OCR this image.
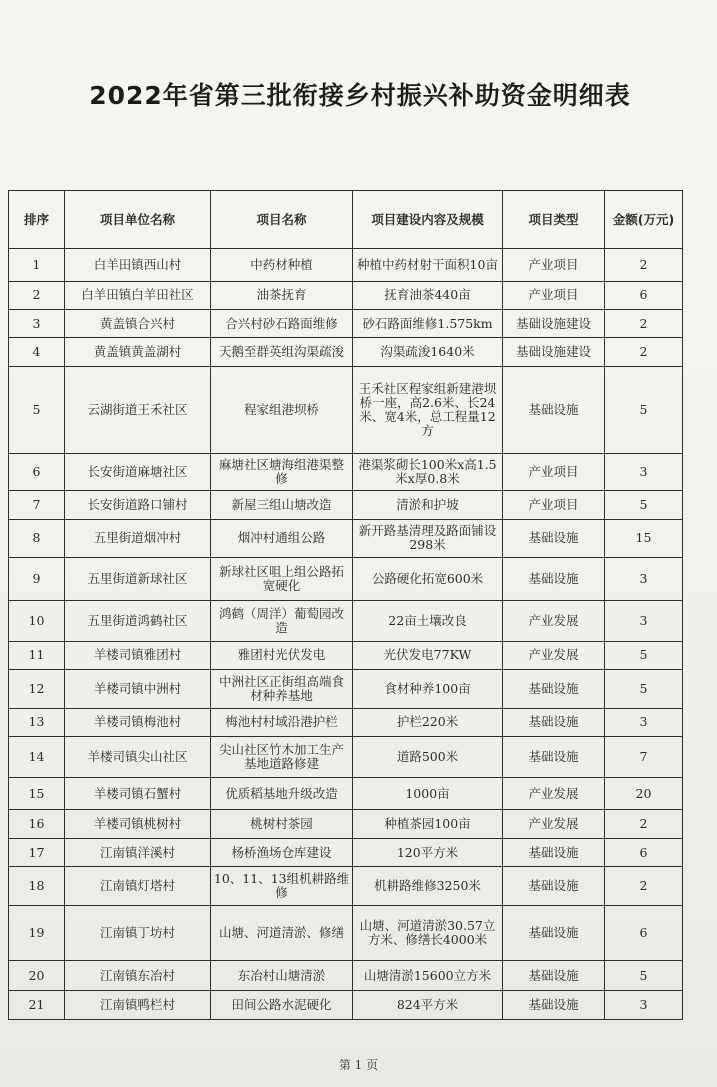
2022年省第三批衔接乡村振兴补助资金明细表
排序	项目单位名称	项目名称	项目建设内容及规模	项目类型	金额(万元)
1	白羊田镇西山村	中药材种植	种植中药材射干面积10亩	产业项目	2
2	白羊田镇白羊田社区	油茶抚育	抚育油茶440亩	产业项目	6
3	黄盖镇合兴村	合兴村砂石路面维修	砂石路面维修1.575km	基础设施建设	2
4	黄盖镇黄盖湖村	天鹅至群英组沟渠疏浚	沟渠疏浚1640米	基础设施建设	2
5	云湖街道王禾社区	程家组港坝桥	王禾社区程家组新建港坝桥一座，高2.6米、长24米、宽4米，总工程量12方	基础设施	5
6	长安街道麻塘社区	麻塘社区塘海组港渠整修	港渠浆砌长100米x高1.5米x厚0.8米	产业项目	3
7	长安街道路口铺村	新屋三组山塘改造	清淤和护坡	产业项目	5
8	五里街道烟冲村	烟冲村通组公路	新开路基清理及路面铺设298米	基础设施	15
9	五里街道新球社区	新球社区咀上组公路拓宽硬化	公路硬化拓宽600米	基础设施	3
10	五里街道鸿鹤社区	鸿鹤（周洋）葡萄园改造	22亩土壤改良	产业发展	3
11	羊楼司镇雅团村	雅团村光伏发电	光伏发电77KW	产业发展	5
12	羊楼司镇中洲村	中洲社区正街组高端食材种养基地	食材种养100亩	基础设施	5
13	羊楼司镇梅池村	梅池村村域沿港护栏	护栏220米	基础设施	3
14	羊楼司镇尖山社区	尖山社区竹木加工生产基地道路修建	道路500米	基础设施	7
15	羊楼司镇石蟹村	优质稻基地升级改造	1000亩	产业发展	20
16	羊楼司镇桃树村	桃树村茶园	种植茶园100亩	产业发展	2
17	江南镇洋溪村	杨桥渔场仓库建设	120平方米	基础设施	6
18	江南镇灯塔村	10、11、13组机耕路维修	机耕路维修3250米	基础设施	2
19	江南镇丁坊村	山塘、河道清淤、修缮	山塘、河道清淤30.57立方米、修缮长4000米	基础设施	6
20	江南镇东冶村	东冶村山塘清淤	山塘清淤15600立方米	基础设施	5
21	江南镇鸭栏村	田间公路水泥硬化	824平方米	基础设施	3
第 1 页
